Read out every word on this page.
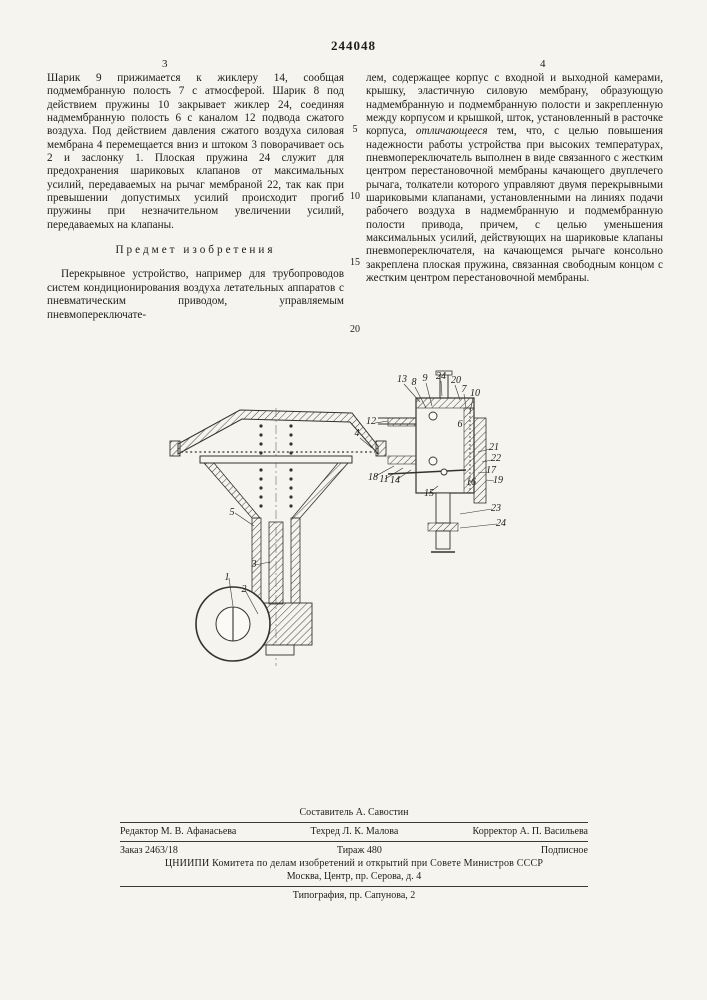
244048
3	4

Шарик 9 прижимается к жиклеру 14, сообщая подмембранную полость 7 с атмосферой. Шарик 8 под действием пружины 10 закрывает жиклер 24, соединяя надмембранную полость 6 с каналом 12 подвода сжатого воздуха. Под действием давления сжатого воздуха силовая мембрана 4 перемещается вниз и штоком 3 поворачивает ось 2 и заслонку 1. Плоская пружина 24 служит для предохранения шариковых клапанов от максимальных усилий, передаваемых на рычаг мембраной 22, так как при превышении допустимых усилий происходит прогиб пружины при незначительном увеличении усилий, передаваемых на клапаны.

Предмет изобретения

Перекрывное устройство, например для трубопроводов систем кондиционирования воздуха летательных аппаратов с пневматическим приводом, управляемым пневмопереключате-

5
10
15
20

лем, содержащее корпус с входной и выходной камерами, крышку, эластичную силовую мембрану, образующую надмембранную и подмембранную полости и закрепленную между корпусом и крышкой, шток, установленный в расточке корпуса, отличающееся тем, что, с целью повышения надежности работы устройства при высоких температурах, пневмопереключатель выполнен в виде связанного с жестким центром перестановочной мембраны качающего двуплечего рычага, толкатели которого управляют двумя перекрывными шариковыми клапанами, установленными на линиях подачи рабочего воздуха в надмембранную и подмембранную полости привода, причем, с целью уменьшения максимальных усилий, действующих на шариковые клапаны пневмопереключателя, на качающемся рычаге консольно закреплена плоская пружина, связанная свободным концом с жестким центром перестановочной мембраны.

13 8 9 24 20
7 10
12
4
6
21
22
17
19
16
18 11 14
15
23
24
5
3
1
2
Составитель А. Савостин
Редактор М. В. Афанасьева	Техред Л. К. Малова	Корректор А. П. Васильева
Заказ 2463/18	Тираж 480	Подписное
ЦНИИПИ Комитета по делам изобретений и открытий при Совете Министров СССР
Москва, Центр, пр. Серова, д. 4
Типография, пр. Сапунова, 2
